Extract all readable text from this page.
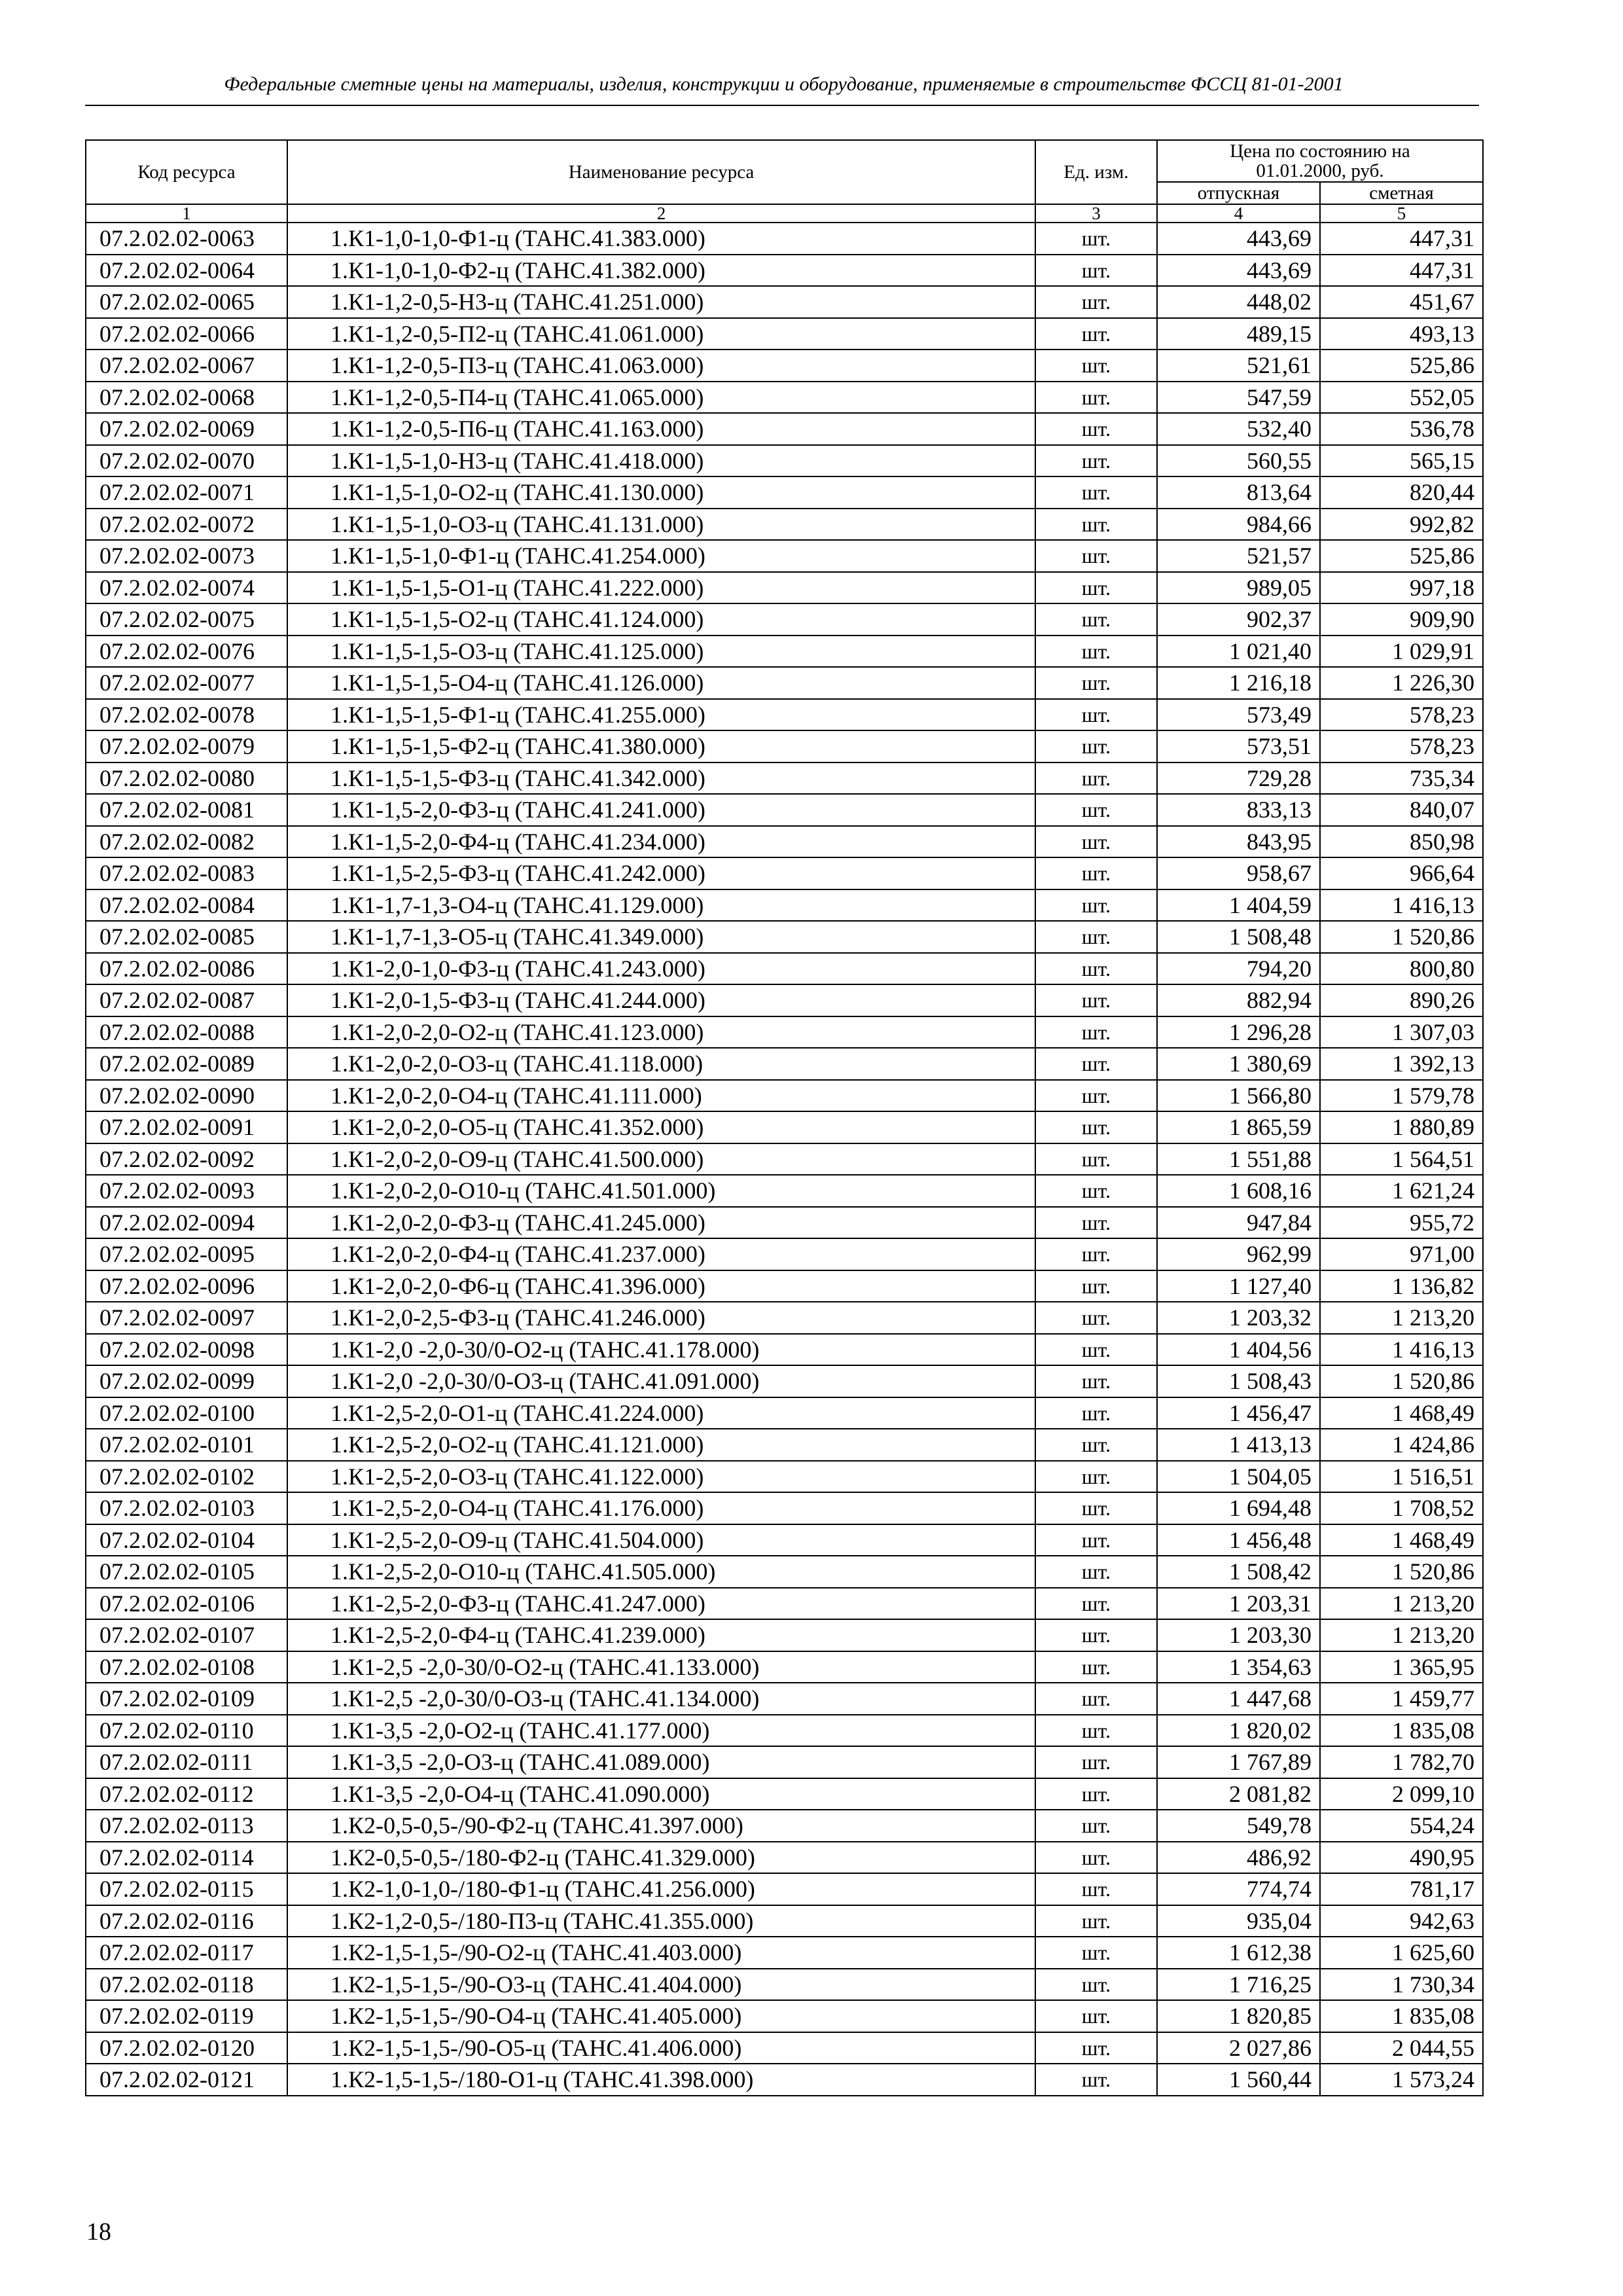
Федеральные сметные цены на материалы, изделия, конструкции и оборудование, применяемые в строительстве ФССЦ 81-01-2001
Код ресурса	Наименование ресурса	Ед. изм.	Цена по состоянию на
01.01.2000, руб.	

			отпускная	сметная
1	2	3	4	5
07.2.02.02-0063	1.К1-1,0-1,0-Ф1-ц (ТАНС.41.383.000)	шт.	443,69	447,31
07.2.02.02-0064	1.К1-1,0-1,0-Ф2-ц (ТАНС.41.382.000)	шт.	443,69	447,31
07.2.02.02-0065	1.К1-1,2-0,5-Н3-ц (ТАНС.41.251.000)	шт.	448,02	451,67
07.2.02.02-0066	1.К1-1,2-0,5-П2-ц (ТАНС.41.061.000)	шт.	489,15	493,13
07.2.02.02-0067	1.К1-1,2-0,5-П3-ц (ТАНС.41.063.000)	шт.	521,61	525,86
07.2.02.02-0068	1.К1-1,2-0,5-П4-ц (ТАНС.41.065.000)	шт.	547,59	552,05
07.2.02.02-0069	1.К1-1,2-0,5-П6-ц (ТАНС.41.163.000)	шт.	532,40	536,78
07.2.02.02-0070	1.К1-1,5-1,0-Н3-ц (ТАНС.41.418.000)	шт.	560,55	565,15
07.2.02.02-0071	1.К1-1,5-1,0-О2-ц (ТАНС.41.130.000)	шт.	813,64	820,44
07.2.02.02-0072	1.К1-1,5-1,0-О3-ц (ТАНС.41.131.000)	шт.	984,66	992,82
07.2.02.02-0073	1.К1-1,5-1,0-Ф1-ц (ТАНС.41.254.000)	шт.	521,57	525,86
07.2.02.02-0074	1.К1-1,5-1,5-О1-ц (ТАНС.41.222.000)	шт.	989,05	997,18
07.2.02.02-0075	1.К1-1,5-1,5-О2-ц (ТАНС.41.124.000)	шт.	902,37	909,90
07.2.02.02-0076	1.К1-1,5-1,5-О3-ц (ТАНС.41.125.000)	шт.	1 021,40	1 029,91
07.2.02.02-0077	1.К1-1,5-1,5-О4-ц (ТАНС.41.126.000)	шт.	1 216,18	1 226,30
07.2.02.02-0078	1.К1-1,5-1,5-Ф1-ц (ТАНС.41.255.000)	шт.	573,49	578,23
07.2.02.02-0079	1.К1-1,5-1,5-Ф2-ц (ТАНС.41.380.000)	шт.	573,51	578,23
07.2.02.02-0080	1.К1-1,5-1,5-Ф3-ц (ТАНС.41.342.000)	шт.	729,28	735,34
07.2.02.02-0081	1.К1-1,5-2,0-Ф3-ц (ТАНС.41.241.000)	шт.	833,13	840,07
07.2.02.02-0082	1.К1-1,5-2,0-Ф4-ц (ТАНС.41.234.000)	шт.	843,95	850,98
07.2.02.02-0083	1.К1-1,5-2,5-Ф3-ц (ТАНС.41.242.000)	шт.	958,67	966,64
07.2.02.02-0084	1.К1-1,7-1,3-О4-ц (ТАНС.41.129.000)	шт.	1 404,59	1 416,13
07.2.02.02-0085	1.К1-1,7-1,3-О5-ц (ТАНС.41.349.000)	шт.	1 508,48	1 520,86
07.2.02.02-0086	1.К1-2,0-1,0-Ф3-ц (ТАНС.41.243.000)	шт.	794,20	800,80
07.2.02.02-0087	1.К1-2,0-1,5-Ф3-ц (ТАНС.41.244.000)	шт.	882,94	890,26
07.2.02.02-0088	1.К1-2,0-2,0-О2-ц (ТАНС.41.123.000)	шт.	1 296,28	1 307,03
07.2.02.02-0089	1.К1-2,0-2,0-О3-ц (ТАНС.41.118.000)	шт.	1 380,69	1 392,13
07.2.02.02-0090	1.К1-2,0-2,0-О4-ц (ТАНС.41.111.000)	шт.	1 566,80	1 579,78
07.2.02.02-0091	1.К1-2,0-2,0-О5-ц (ТАНС.41.352.000)	шт.	1 865,59	1 880,89
07.2.02.02-0092	1.К1-2,0-2,0-О9-ц (ТАНС.41.500.000)	шт.	1 551,88	1 564,51
07.2.02.02-0093	1.К1-2,0-2,0-О10-ц (ТАНС.41.501.000)	шт.	1 608,16	1 621,24
07.2.02.02-0094	1.К1-2,0-2,0-Ф3-ц (ТАНС.41.245.000)	шт.	947,84	955,72
07.2.02.02-0095	1.К1-2,0-2,0-Ф4-ц (ТАНС.41.237.000)	шт.	962,99	971,00
07.2.02.02-0096	1.К1-2,0-2,0-Ф6-ц (ТАНС.41.396.000)	шт.	1 127,40	1 136,82
07.2.02.02-0097	1.К1-2,0-2,5-Ф3-ц (ТАНС.41.246.000)	шт.	1 203,32	1 213,20
07.2.02.02-0098	1.К1-2,0 -2,0-30/0-О2-ц (ТАНС.41.178.000)	шт.	1 404,56	1 416,13
07.2.02.02-0099	1.К1-2,0 -2,0-30/0-О3-ц (ТАНС.41.091.000)	шт.	1 508,43	1 520,86
07.2.02.02-0100	1.К1-2,5-2,0-О1-ц (ТАНС.41.224.000)	шт.	1 456,47	1 468,49
07.2.02.02-0101	1.К1-2,5-2,0-О2-ц (ТАНС.41.121.000)	шт.	1 413,13	1 424,86
07.2.02.02-0102	1.К1-2,5-2,0-О3-ц (ТАНС.41.122.000)	шт.	1 504,05	1 516,51
07.2.02.02-0103	1.К1-2,5-2,0-О4-ц (ТАНС.41.176.000)	шт.	1 694,48	1 708,52
07.2.02.02-0104	1.К1-2,5-2,0-О9-ц (ТАНС.41.504.000)	шт.	1 456,48	1 468,49
07.2.02.02-0105	1.К1-2,5-2,0-О10-ц (ТАНС.41.505.000)	шт.	1 508,42	1 520,86
07.2.02.02-0106	1.К1-2,5-2,0-Ф3-ц (ТАНС.41.247.000)	шт.	1 203,31	1 213,20
07.2.02.02-0107	1.К1-2,5-2,0-Ф4-ц (ТАНС.41.239.000)	шт.	1 203,30	1 213,20
07.2.02.02-0108	1.К1-2,5 -2,0-30/0-О2-ц (ТАНС.41.133.000)	шт.	1 354,63	1 365,95
07.2.02.02-0109	1.К1-2,5 -2,0-30/0-О3-ц (ТАНС.41.134.000)	шт.	1 447,68	1 459,77
07.2.02.02-0110	1.К1-3,5 -2,0-О2-ц (ТАНС.41.177.000)	шт.	1 820,02	1 835,08
07.2.02.02-0111	1.К1-3,5 -2,0-О3-ц (ТАНС.41.089.000)	шт.	1 767,89	1 782,70
07.2.02.02-0112	1.К1-3,5 -2,0-О4-ц (ТАНС.41.090.000)	шт.	2 081,82	2 099,10
07.2.02.02-0113	1.К2-0,5-0,5-/90-Ф2-ц (ТАНС.41.397.000)	шт.	549,78	554,24
07.2.02.02-0114	1.К2-0,5-0,5-/180-Ф2-ц (ТАНС.41.329.000)	шт.	486,92	490,95
07.2.02.02-0115	1.К2-1,0-1,0-/180-Ф1-ц (ТАНС.41.256.000)	шт.	774,74	781,17
07.2.02.02-0116	1.К2-1,2-0,5-/180-П3-ц (ТАНС.41.355.000)	шт.	935,04	942,63
07.2.02.02-0117	1.К2-1,5-1,5-/90-О2-ц (ТАНС.41.403.000)	шт.	1 612,38	1 625,60
07.2.02.02-0118	1.К2-1,5-1,5-/90-О3-ц (ТАНС.41.404.000)	шт.	1 716,25	1 730,34
07.2.02.02-0119	1.К2-1,5-1,5-/90-О4-ц (ТАНС.41.405.000)	шт.	1 820,85	1 835,08
07.2.02.02-0120	1.К2-1,5-1,5-/90-О5-ц (ТАНС.41.406.000)	шт.	2 027,86	2 044,55
07.2.02.02-0121	1.К2-1,5-1,5-/180-О1-ц (ТАНС.41.398.000)	шт.	1 560,44	1 573,24
18
